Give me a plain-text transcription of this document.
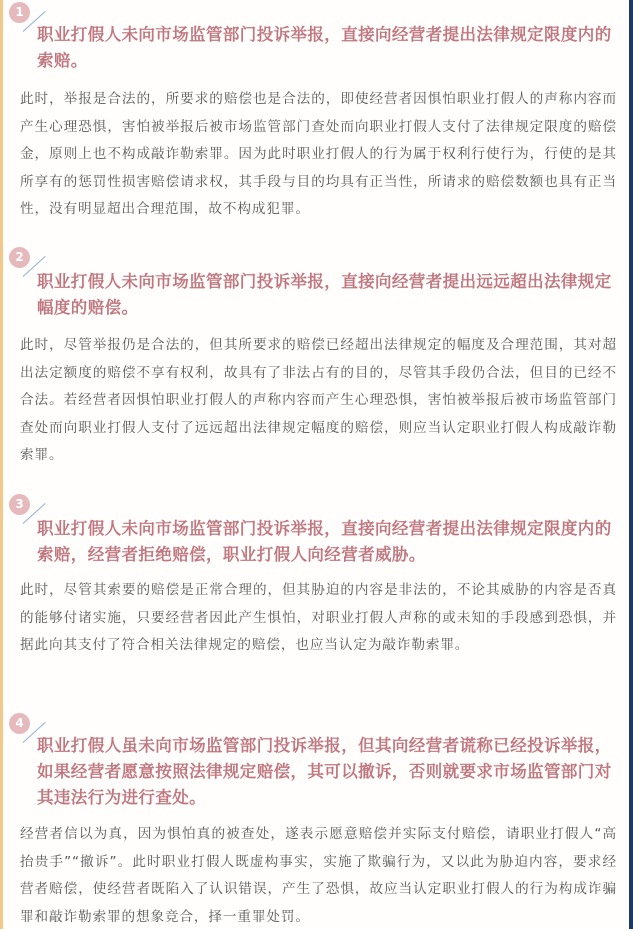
1
职业打假人未向市场监管部门投诉举报，直接向经营者提出法律规定限度内的索赔。
此时，举报是合法的，所要求的赔偿也是合法的，即使经营者因惧怕职业打假人的声称内容而产生心理恐惧，害怕被举报后被市场监管部门查处而向职业打假人支付了法律规定限度的赔偿金，原则上也不构成敲诈勒索罪。因为此时职业打假人的行为属于权利行使行为，行使的是其所享有的惩罚性损害赔偿请求权，其手段与目的均具有正当性，所请求的赔偿数额也具有正当性，没有明显超出合理范围，故不构成犯罪。
2
职业打假人未向市场监管部门投诉举报，直接向经营者提出远远超出法律规定幅度的赔偿。
此时，尽管举报仍是合法的，但其所要求的赔偿已经超出法律规定的幅度及合理范围，其对超出法定额度的赔偿不享有权利，故具有了非法占有的目的，尽管其手段仍合法，但目的已经不合法。若经营者因惧怕职业打假人的声称内容而产生心理恐惧，害怕被举报后被市场监管部门查处而向职业打假人支付了远远超出法律规定幅度的赔偿，则应当认定职业打假人构成敲诈勒索罪。
3
职业打假人未向市场监管部门投诉举报，直接向经营者提出法律规定限度内的索赔，经营者拒绝赔偿，职业打假人向经营者威胁。
此时，尽管其索要的赔偿是正常合理的，但其胁迫的内容是非法的，不论其威胁的内容是否真的能够付诸实施，只要经营者因此产生惧怕，对职业打假人声称的或未知的手段感到恐惧，并据此向其支付了符合相关法律规定的赔偿，也应当认定为敲诈勒索罪。
4
职业打假人虽未向市场监管部门投诉举报，但其向经营者谎称已经投诉举报，如果经营者愿意按照法律规定赔偿，其可以撤诉，否则就要求市场监管部门对其违法行为进行查处。
经营者信以为真，因为惧怕真的被查处，遂表示愿意赔偿并实际支付赔偿，请职业打假人“高抬贵手”“撤诉”。此时职业打假人既虚构事实，实施了欺骗行为，又以此为胁迫内容，要求经营者赔偿，使经营者既陷入了认识错误，产生了恐惧，故应当认定职业打假人的行为构成诈骗罪和敲诈勒索罪的想象竞合，择一重罪处罚。
